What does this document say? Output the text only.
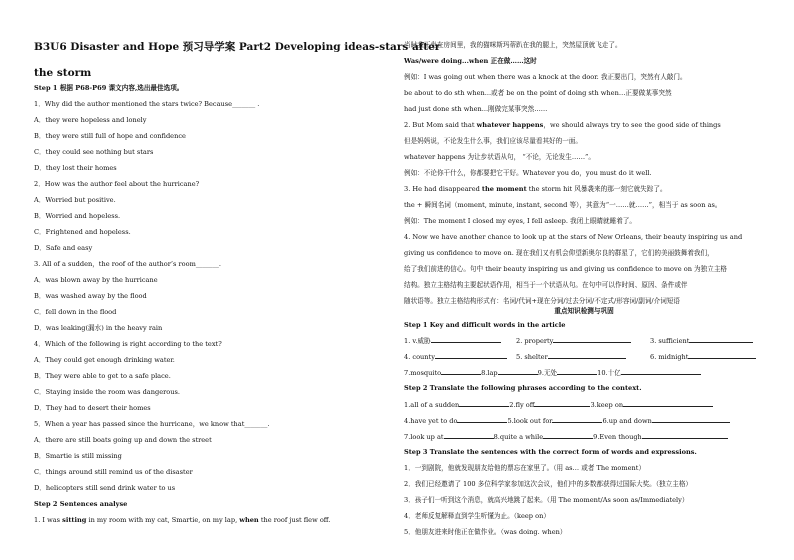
B3U6 Disaster and Hope 预习导学案 Part2 Developing ideas-stars after
the storm
Step 1 根据 P68-P69 课文内容,选出最佳选项。
1．Why did the author mentioned the stars twice? Because_______ .
A．they were hopeless and lonely
B．they were still full of hope and confidence
C．they could see nothing but stars
D．they lost their homes
2．How was the author feel about the hurricane?
A．Worried but positive.
B．Worried and hopeless.
C．Frightened and hopeless.
D．Safe and easy
3. All of a sudden，the roof of the author’s room_______.
A．was blown away by the hurricane
B．was washed away by the flood
C．fell down in the flood
D．was leaking(漏水) in the heavy rain
4．Which of the following is right according to the text?
A．They could get enough drinking water.
B．They were able to get to a safe place.
C．Staying inside the room was dangerous.
D．They had to desert their homes
5．When a year has passed since the hurricane，we know that_______.
A．there are still boats going up and down the street
B．Smartie is still missing
C．things around still remind us of the disaster
D．helicopters still send drink water to us
Step 2 Sentences analyse
1. I was sitting in my room with my cat, Smartie, on my lap, when the roof just flew off.
当时我正坐在房间里，我的猫咪斯玛蒂趴在我的腿上，突然屋顶就飞走了。
Was/were doing...when 正在做……这时
例如：I was going out when there was a knock at the door. 我正要出门，突然有人敲门。
be about to do sth when...或者 be on the point of doing sth when…正要做某事突然
had just done sth when...刚做完某事突然……
2. But Mom said that whatever happens，we should always try to see the good side of things
但是妈妈说，不论发生什么事，我们应该尽量看其好的一面。
whatever happens 为让步状语从句， “不论，无论发生……”。
例如：不论你干什么，你都要把它干好。Whatever you do，you must do it well.
3. He had disappeared the moment the storm hit 风暴袭来的那一刻它就失踪了。
the + 瞬间名词（moment, minute, instant, second 等），其意为“一……就……”，相当于 as soon as。
例如：The moment I closed my eyes, I fell asleep. 我闭上眼睛就睡着了。
4. Now we have another chance to look up at the stars of New Orleans, their beauty inspiring us and
giving us confidence to move on. 现在我们又有机会仰望新奥尔良的群星了，它们的美丽鼓舞着我们，
给了我们前进的信心。句中 their beauty inspiring us and giving us confidence to move on 为独立主格
结构。独立主格结构主要起状语作用，相当于一个状语从句。在句中可以作时间、原因、条件或伴
随状语等。独立主格结构形式有：名词/代词+现在分词/过去分词/不定式/形容词/副词/介词短语
重点知识检测与巩固
Step 1 Key and difficult words in the article
1. v.威胁	2. property	3. sufficient
4. county	5. shelter	6. midnight
7.mosquito	8.lap	9.无处	10.十亿
Step 2 Translate the following phrases according to the context.
1.all of a sudden	2.fly off	3.keep on
4.have yet to do	5.look out for	6.up and down
7.look up at	8.quite a while	9.Even though
Step 3 Translate the sentences with the correct form of words and expressions.
1．一到剧院，他就发现朋友给他的票忘在家里了。（用 as… 或者 The moment）
2．我们已经邀请了 100 多位科学家参加这次会议，他们中的多数都获得过国际大奖。（独立主格）
3．孩子们一听到这个消息，就高兴地跳了起来。（用 The moment/As soon as/Immediately）
4．老师反复解释直到学生听懂为止。（keep on）
5．他朋友进来时他正在做作业。（was doing. when）
